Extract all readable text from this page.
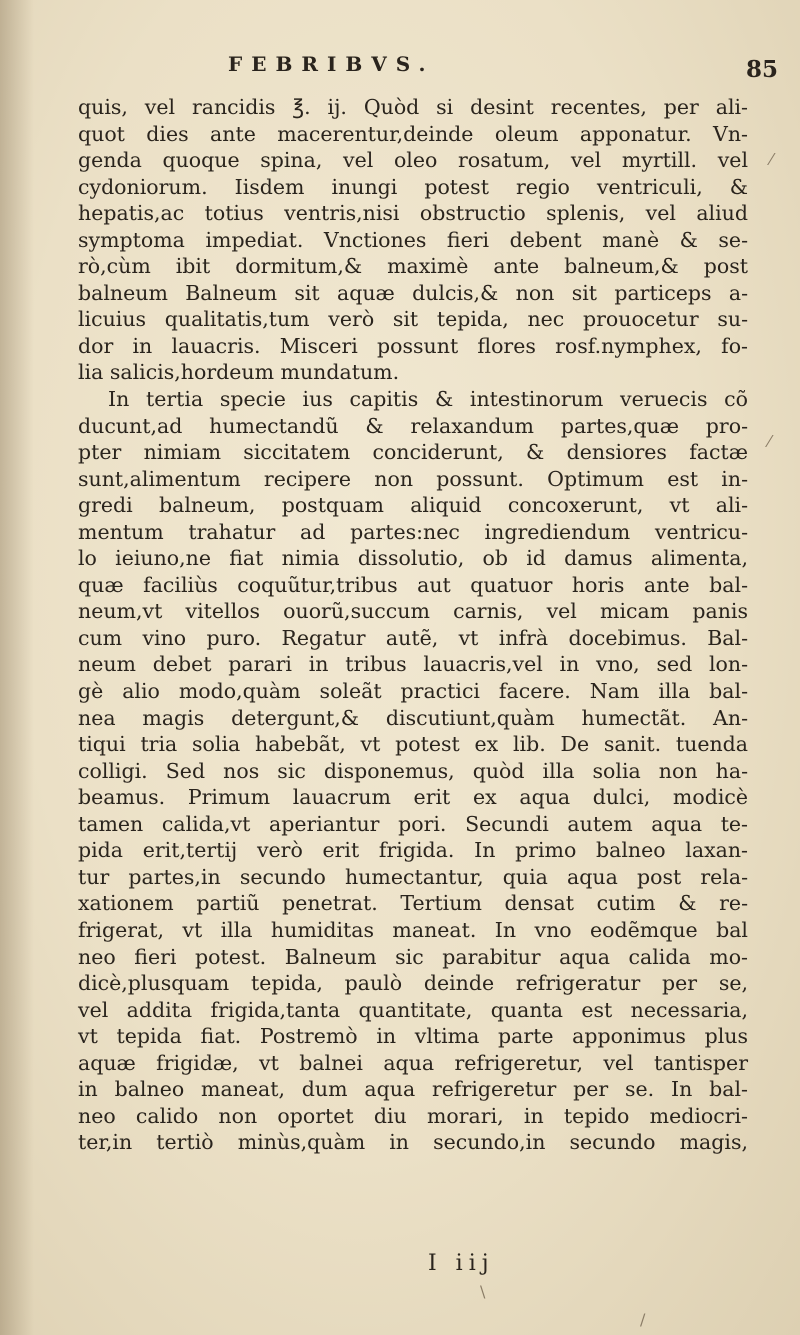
FEBRIBVS.	85
quis, vel rancidis ℥. ij. Quòd si desint recentes, per ali-
quot dies ante macerentur,deinde oleum apponatur. Vn-
genda quoque spina, vel oleo rosatum, vel myrtill. vel
cydoniorum. Iisdem inungi potest regio ventriculi, &
hepatis,ac totius ventris,nisi obstructio splenis, vel aliud
symptoma impediat. Vnctiones fieri debent manè & se-
rò,cùm ibit dormitum,& maximè ante balneum,& post
balneum Balneum sit aquæ dulcis,& non sit particeps a-
licuius qualitatis,tum verò sit tepida, nec prouocetur su-
dor in lauacris. Misceri possunt flores rosf.nymphex, fo-
lia salicis,hordeum mundatum.
In tertia specie ius capitis & intestinorum veruecis cõ
ducunt,ad humectandũ & relaxandum partes,quæ pro-
pter nimiam siccitatem conciderunt, & densiores factæ
sunt,alimentum recipere non possunt. Optimum est in-
gredi balneum, postquam aliquid concoxerunt, vt ali-
mentum trahatur ad partes:nec ingrediendum ventricu-
lo ieiuno,ne fiat nimia dissolutio, ob id damus alimenta,
quæ faciliùs coquũtur,tribus aut quatuor horis ante bal-
neum,vt vitellos ouorũ,succum carnis, vel micam panis
cum vino puro. Regatur autẽ, vt infrà docebimus. Bal-
neum debet parari in tribus lauacris,vel in vno, sed lon-
gè alio modo,quàm soleãt practici facere. Nam illa bal-
nea magis detergunt,& discutiunt,quàm humectãt. An-
tiqui tria solia habebãt, vt potest ex lib. De sanit. tuenda
colligi. Sed nos sic disponemus, quòd illa solia non ha-
beamus. Primum lauacrum erit ex aqua dulci, modicè
tamen calida,vt aperiantur pori. Secundi autem aqua te-
pida erit,tertij verò erit frigida. In primo balneo laxan-
tur partes,in secundo humectantur, quia aqua post rela-
xationem partiũ penetrat. Tertium densat cutim & re-
frigerat, vt illa humiditas maneat. In vno eodẽmque bal
neo fieri potest. Balneum sic parabitur aqua calida mo-
dicè,plusquam tepida, paulò deinde refrigeratur per se,
vel addita frigida,tanta quantitate, quanta est necessaria,
vt tepida fiat. Postremò in vltima parte apponimus plus
aquæ frigidæ, vt balnei aqua refrigeretur, vel tantisper
in balneo maneat, dum aqua refrigeretur per se. In bal-
neo calido non oportet diu morari, in tepido mediocri-
ter,in tertiò minùs,quàm in secundo,in secundo magis,
I iij
⁄
⁄
\
/
